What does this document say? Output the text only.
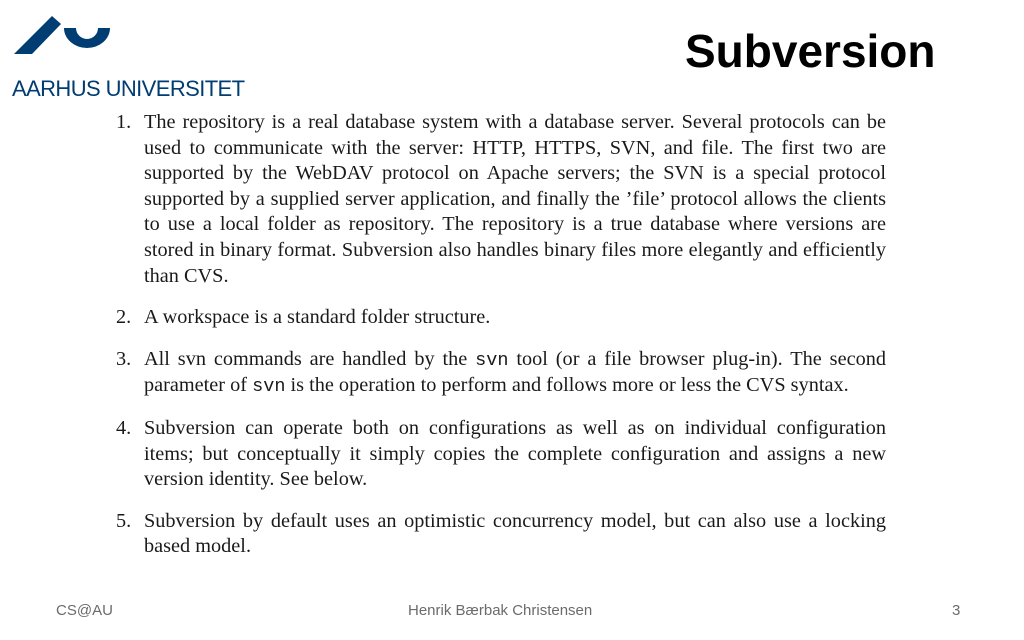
AARHUS UNIVERSITET
Subversion
1. The repository is a real database system with a database server. Several protocols can be used to communicate with the server: HTTP, HTTPS, SVN, and file. The first two are supported by the WebDAV protocol on Apache servers; the SVN is a special protocol supported by a supplied server application, and finally the ’file’ protocol allows the clients to use a local folder as repository. The repository is a true database where versions are stored in binary format. Subversion also handles binary files more elegantly and efficiently than CVS.
2. A workspace is a standard folder structure.
3. All svn commands are handled by the svn tool (or a file browser plug-in). The second parameter of svn is the operation to perform and follows more or less the CVS syntax.
4. Subversion can operate both on configurations as well as on individual configuration items; but conceptually it simply copies the complete configuration and assigns a new version identity. See below.
5. Subversion by default uses an optimistic concurrency model, but can also use a locking based model.
CS@AU	Henrik Bærbak Christensen	3
